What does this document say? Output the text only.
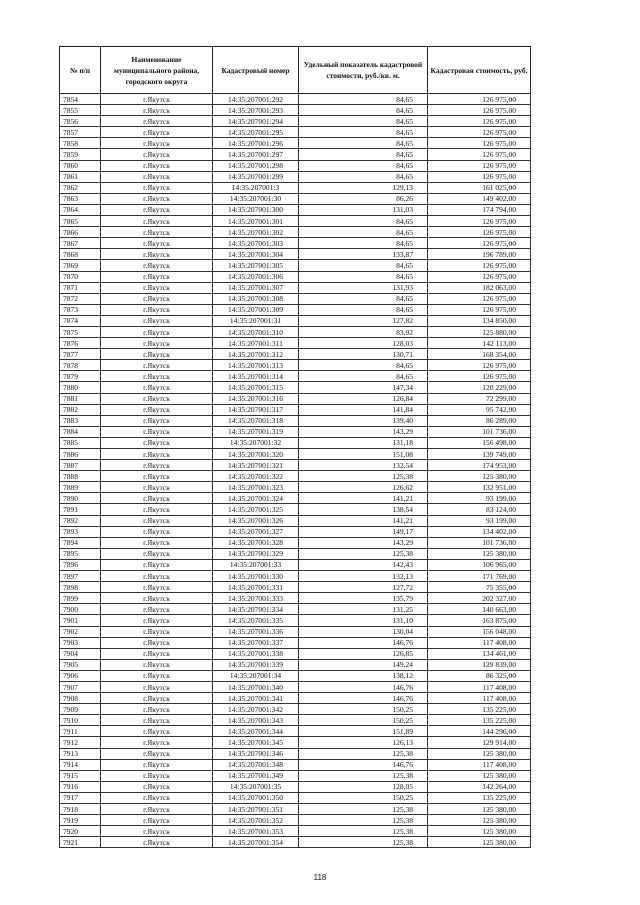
№ п/п	Наименование муниципального района, городского округа	Кадастровый номер	Удельный показатель кадастровой стоимости, руб./кв. м.	Кадастровая стоимость, руб.
7854	г.Якутск	14:35:207001:292	84,65	126 975,00
7855	г.Якутск	14:35:207001:293	84,65	126 975,00
7856	г.Якутск	14:35:207001:294	84,65	126 975,00
7857	г.Якутск	14:35:207001:295	84,65	126 975,00
7858	г.Якутск	14:35:207001:296	84,65	126 975,00
7859	г.Якутск	14:35:207001:297	84,65	126 975,00
7860	г.Якутск	14:35:207001:298	84,65	126 975,00
7861	г.Якутск	14:35:207001:299	84,65	126 975,00
7862	г.Якутск	14:35:207001:3	129,13	161 025,00
7863	г.Якутск	14:35:207001:30	86,26	149 402,00
7864	г.Якутск	14:35:207001:300	131,03	174 794,00
7865	г.Якутск	14:35:207001:301	84,65	126 975,00
7866	г.Якутск	14:35:207001:302	84,65	126 975,00
7867	г.Якутск	14:35:207001:303	84,65	126 975,00
7868	г.Якутск	14:35:207001:304	133,87	196 789,00
7869	г.Якутск	14:35:207001:305	84,65	126 975,00
7870	г.Якутск	14:35:207001:306	84,65	126 975,00
7871	г.Якутск	14:35:207001:307	131,93	182 063,00
7872	г.Якутск	14:35:207001:308	84,65	126 975,00
7873	г.Якутск	14:35:207001:309	84,65	126 975,00
7874	г.Якутск	14:35:207001:31	127,82	134 850,00
7875	г.Якутск	14:35:207001:310	83,92	125 880,00
7876	г.Якутск	14:35:207001:311	128,03	142 113,00
7877	г.Якутск	14:35:207001:312	130,71	168 354,00
7878	г.Якутск	14:35:207001:313	84,65	126 975,00
7879	г.Якутск	14:35:207001:314	84,65	126 975,00
7880	г.Якутск	14:35:207001:315	147,34	120 229,00
7881	г.Якутск	14:35:207001:316	126,84	72 299,00
7882	г.Якутск	14:35:207001:317	141,84	95 742,00
7883	г.Якутск	14:35:207001:318	139,40	86 289,00
7884	г.Якутск	14:35:207001:319	143,29	101 736,00
7885	г.Якутск	14:35:207001:32	131,18	156 498,00
7886	г.Якутск	14:35:207001:320	151,08	139 749,00
7887	г.Якутск	14:35:207001:321	132,54	174 953,00
7888	г.Якутск	14:35:207001:322	125,38	125 380,00
7889	г.Якутск	14:35:207001:323	126,62	132 951,00
7890	г.Якутск	14:35:207001:324	141,21	93 199,00
7891	г.Якутск	14:35:207001:325	138,54	83 124,00
7892	г.Якутск	14:35:207001:326	141,21	93 199,00
7893	г.Якутск	14:35:207001:327	149,17	134 402,00
7894	г.Якутск	14:35:207001:328	143,29	101 736,00
7895	г.Якутск	14:35:207001:329	125,38	125 380,00
7896	г.Якутск	14:35:207001:33	142,43	106 965,00
7897	г.Якутск	14:35:207001:330	132,13	171 769,00
7898	г.Якутск	14:35:207001:331	127,72	75 355,00
7899	г.Якутск	14:35:207001:333	135,79	202 327,00
7900	г.Якутск	14:35:207001:334	131,25	140 663,00
7901	г.Якутск	14:35:207001:335	131,10	163 875,00
7902	г.Якутск	14:35:207001:336	130,04	156 048,00
7903	г.Якутск	14:35:207001:337	146,76	117 408,00
7904	г.Якутск	14:35:207001:338	126,85	134 461,00
7905	г.Якутск	14:35:207001:339	149,24	129 839,00
7906	г.Якутск	14:35:207001:34	138,12	86 325,00
7907	г.Якутск	14:35:207001:340	146,76	117 408,00
7908	г.Якутск	14:35:207001:341	146,76	117 408,00
7909	г.Якутск	14:35:207001:342	150,25	135 225,00
7910	г.Якутск	14:35:207001:343	150,25	135 225,00
7911	г.Якутск	14:35:207001:344	151,89	144 296,00
7912	г.Якутск	14:35:207001:345	126,13	129 914,00
7913	г.Якутск	14:35:207001:346	125,38	125 380,00
7914	г.Якутск	14:35:207001:348	146,76	117 408,00
7915	г.Якутск	14:35:207001:349	125,38	125 380,00
7916	г.Якутск	14:35:207001:35	128,05	142 264,00
7917	г.Якутск	14:35:207001:350	150,25	135 225,00
7918	г.Якутск	14:35:207001:351	125,38	125 380,00
7919	г.Якутск	14:35:207001:352	125,38	125 380,00
7920	г.Якутск	14:35:207001:353	125,38	125 380,00
7921	г.Якутск	14:35:207001:354	125,38	125 380,00
118
